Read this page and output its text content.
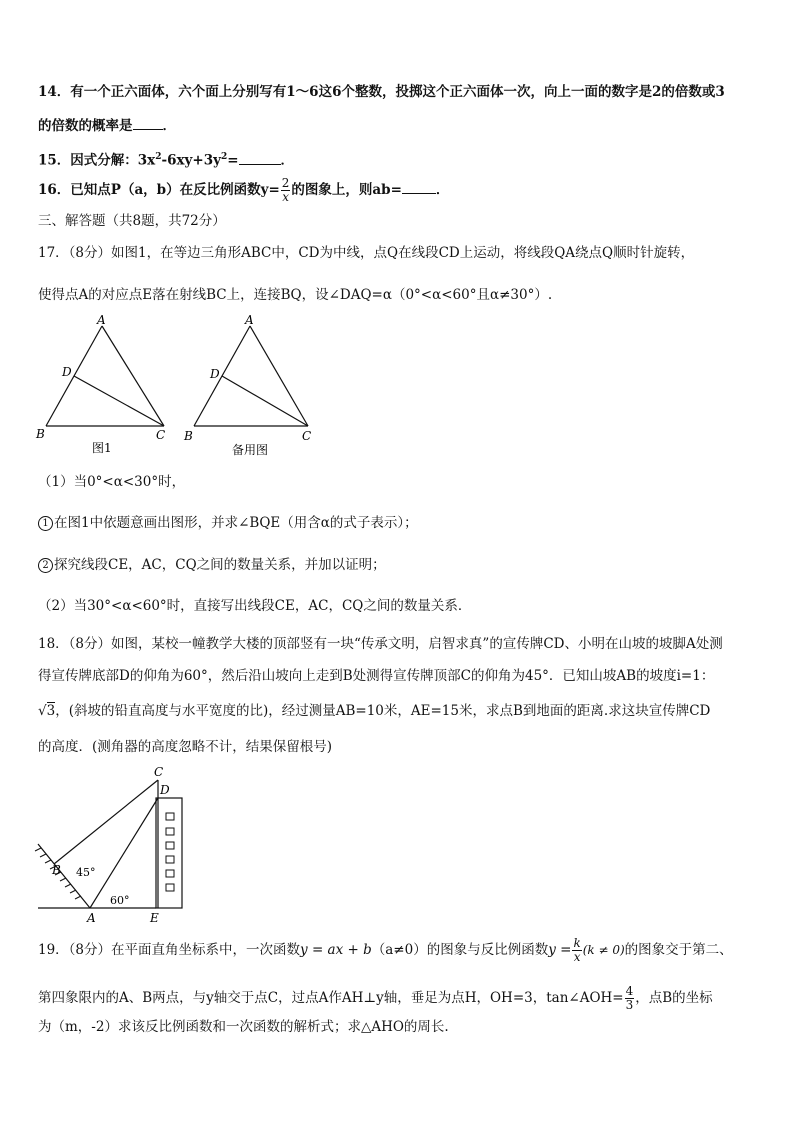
14．有一个正六面体，六个面上分别写有1～6这6个整数，投掷这个正六面体一次，向上一面的数字是2的倍数或3
的倍数的概率是 ．
15．因式分解：$3x^2-6xy+3y^2=$	．
16．已知点P（a，b）在反比例函数$y= \frac{2}{x}$ 的图象上，则ab=	．
三、解答题（共8题，共72分）
17．（8分）如图1，在等边三角形ABC中，CD为中线，点Q在线段CD上运动，将线段QA绕点Q顺时针旋转，
使得点A的对应点E落在射线BC上，连接BQ，设∠DAQ=α（0°<α<60°且α≠30°）.
A
D
B	C
图1
A
D
B	C
备用图
（1）当0°<α<30°时，
1 在图1中依题意画出图形，并求∠BQE（用含α的式子表示）；
2 探究线段CE，AC，CQ之间的数量关系，并加以证明；
（2）当30°<α<60°时，直接写出线段CE，AC，CQ之间的数量关系．
18．（8分）如图，某校一幢教学大楼的顶部竖有一块“传承文明，启智求真”的宣传牌CD、小明在山坡的坡脚A处测
得宣传牌底部D的仰角为60°，然后沿山坡向上走到B处测得宣传牌顶部C的仰角为45°．已知山坡AB的坡度i=1：
√3，(斜坡的铅直高度与水平宽度的比)，经过测量AB=10米，AE=15米，求点B到地面的距离.求这块宣传牌CD
的高度．(测角器的高度忽略不计，结果保留根号)
C
D
B 45°
60°
A	E
19．（8分）在平面直角坐标系中，一次函数y = ax + b（a≠0）的图象与反比例函数$y = \frac{k}{x} (k \ne 0)$的图象交于第二、
第四象限内的A、B两点，与y轴交于点C，过点A作AH⊥y轴，垂足为点H，OH=3，tan∠AOH= $\frac{4}{3}$ ，点B的坐标
为（m，-2）求该反比例函数和一次函数的解析式；求△AHO的周长.
